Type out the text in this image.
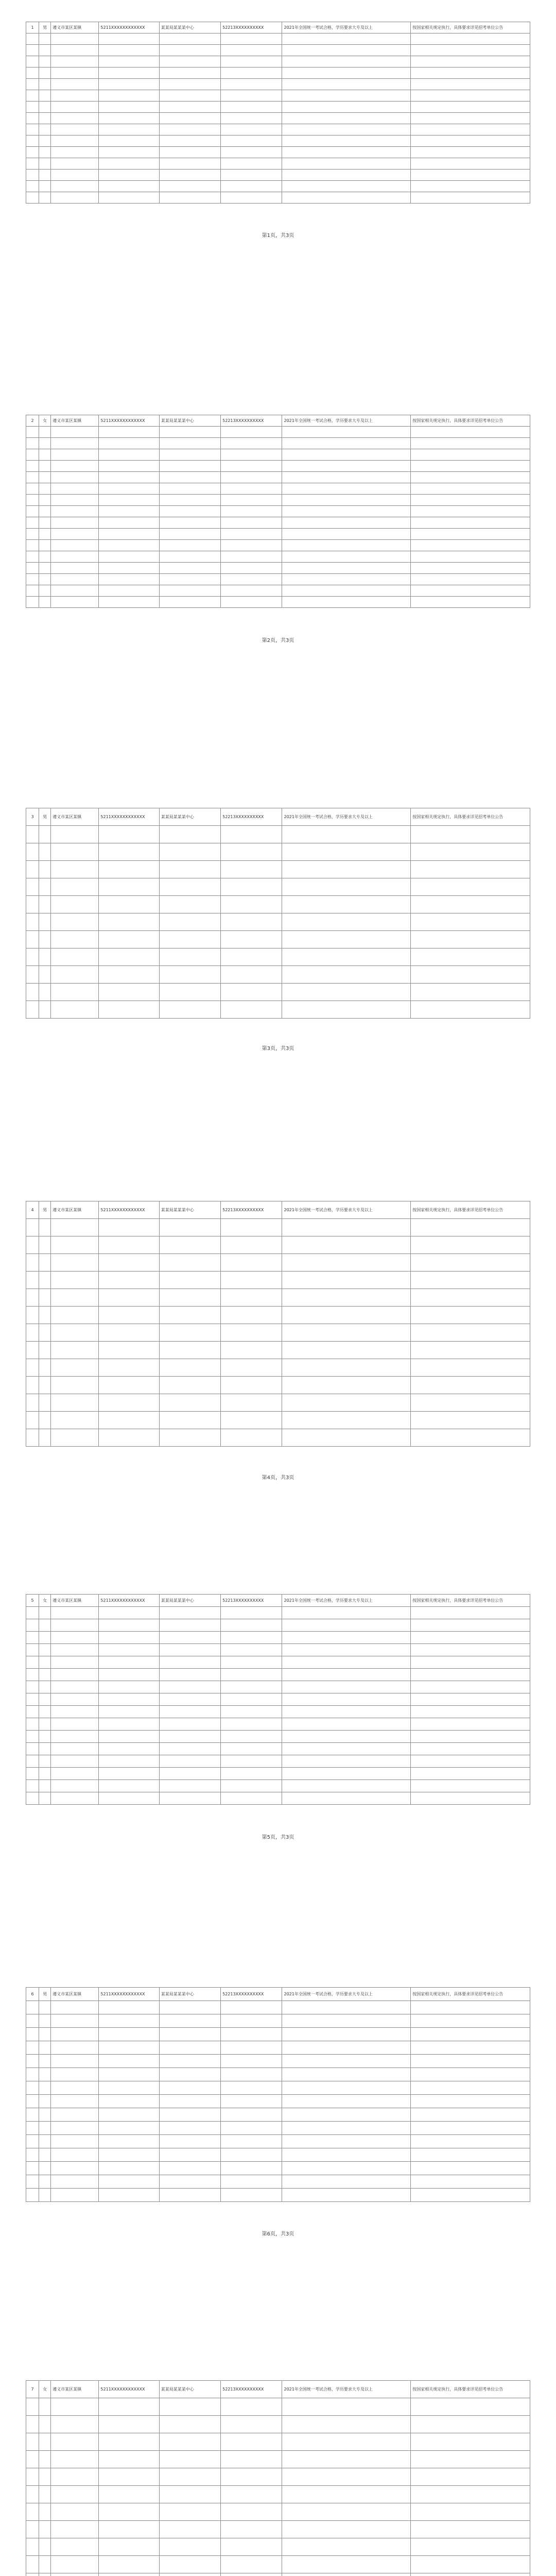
1	男	遵义市某区某镇	5211XXXXXXXXXXXX	某某局某某某中心	52213XXXXXXXXXX	2021年全国统一考试合格，学历要求大专及以上	按国家相关规定执行，具体要求详见招考单位公告

第1页，共3页
2	女	遵义市某区某镇	5211XXXXXXXXXXXX	某某局某某某中心	52213XXXXXXXXXX	2021年全国统一考试合格，学历要求大专及以上	按国家相关规定执行，具体要求详见招考单位公告

第2页，共3页
3	男	遵义市某区某镇	5211XXXXXXXXXXXX	某某局某某某中心	52213XXXXXXXXXX	2021年全国统一考试合格，学历要求大专及以上	按国家相关规定执行，具体要求详见招考单位公告

第3页，共3页
4	男	遵义市某区某镇	5211XXXXXXXXXXXX	某某局某某某中心	52213XXXXXXXXXX	2021年全国统一考试合格，学历要求大专及以上	按国家相关规定执行，具体要求详见招考单位公告

第4页，共3页
5	女	遵义市某区某镇	5211XXXXXXXXXXXX	某某局某某某中心	52213XXXXXXXXXX	2021年全国统一考试合格，学历要求大专及以上	按国家相关规定执行，具体要求详见招考单位公告

第5页，共3页
6	男	遵义市某区某镇	5211XXXXXXXXXXXX	某某局某某某中心	52213XXXXXXXXXX	2021年全国统一考试合格，学历要求大专及以上	按国家相关规定执行，具体要求详见招考单位公告

第6页，共3页
7	女	遵义市某区某镇	5211XXXXXXXXXXXX	某某局某某某中心	52213XXXXXXXXXX	2021年全国统一考试合格，学历要求大专及以上	按国家相关规定执行，具体要求详见招考单位公告
